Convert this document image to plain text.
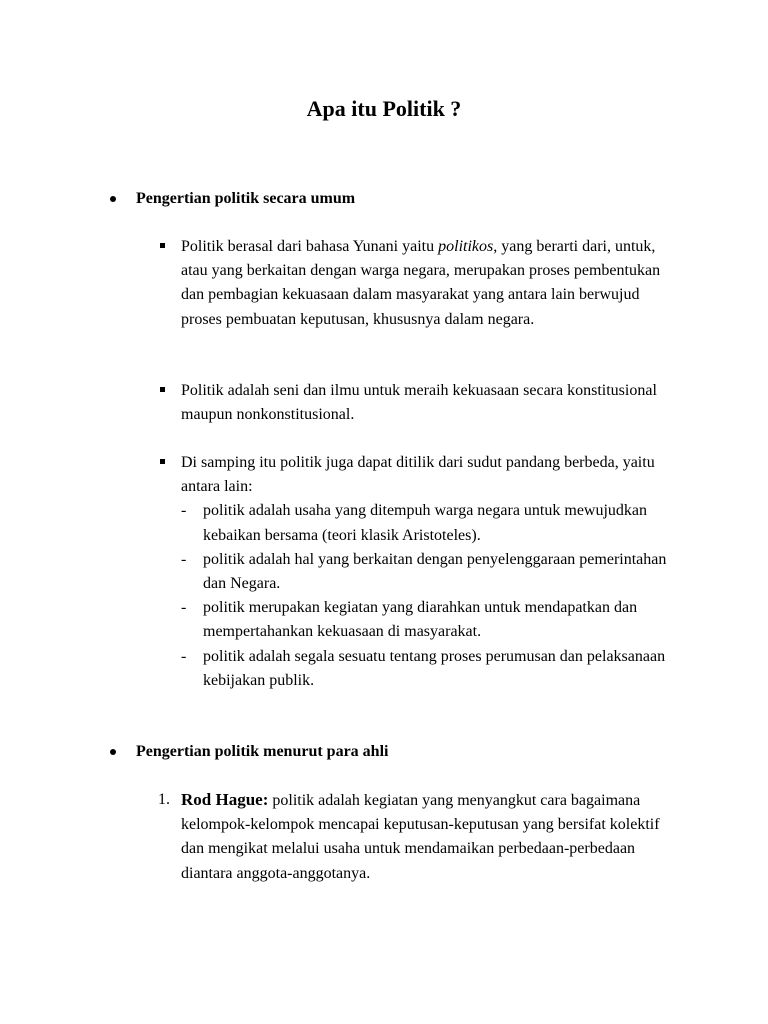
Apa itu Politik ?
Pengertian politik secara umum
Politik berasal dari bahasa Yunani yaitu politikos, yang berarti dari, untuk, atau yang berkaitan dengan warga negara, merupakan proses pembentukan dan pembagian kekuasaan dalam masyarakat yang antara lain berwujud proses pembuatan keputusan, khususnya dalam negara.
Politik adalah seni dan ilmu untuk meraih kekuasaan secara konstitusional maupun nonkonstitusional.
Di samping itu politik juga dapat ditilik dari sudut pandang berbeda, yaitu antara lain:
- politik adalah usaha yang ditempuh warga negara untuk mewujudkan kebaikan bersama (teori klasik Aristoteles).
- politik adalah hal yang berkaitan dengan penyelenggaraan pemerintahan dan Negara.
- politik merupakan kegiatan yang diarahkan untuk mendapatkan dan mempertahankan kekuasaan di masyarakat.
- politik adalah segala sesuatu tentang proses perumusan dan pelaksanaan kebijakan publik.
Pengertian politik menurut para ahli
1. Rod Hague: politik adalah kegiatan yang menyangkut cara bagaimana kelompok-kelompok mencapai keputusan-keputusan yang bersifat kolektif dan mengikat melalui usaha untuk mendamaikan perbedaan-perbedaan diantara anggota-anggotanya.
